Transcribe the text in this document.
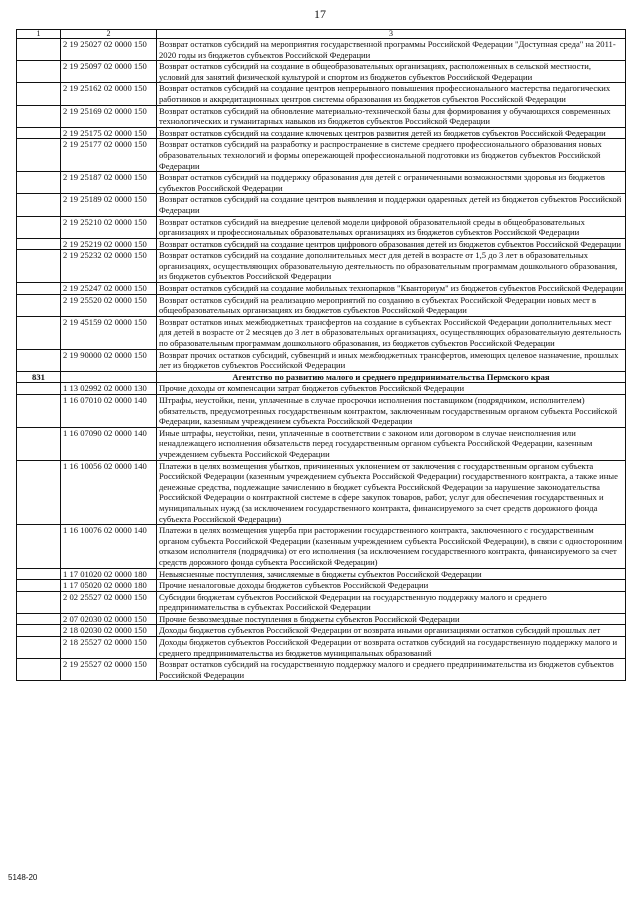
17
1	2	3
	2 19 25027 02 0000 150	Возврат остатков субсидий на мероприятия государственной программы Российской Федерации "Доступная среда" на 2011-2020 годы из бюджетов субъектов Российской Федерации
	2 19 25097 02 0000 150	Возврат остатков субсидий на создание в общеобразовательных организациях, расположенных в сельской местности, условий для занятий физической культурой и спортом из бюджетов субъектов Российской Федерации
	2 19 25162 02 0000 150	Возврат остатков субсидий на создание центров непрерывного повышения профессионального мастерства педагогических работников и аккредитационных центров системы образования из бюджетов субъектов Российской Федерации
	2 19 25169 02 0000 150	Возврат остатков субсидий на обновление материально-технической базы для формирования у обучающихся современных технологических и гуманитарных навыков из бюджетов субъектов Российской Федерации
	2 19 25175 02 0000 150	Возврат остатков субсидий на создание ключевых центров развития детей из бюджетов субъектов Российской Федерации
	2 19 25177 02 0000 150	Возврат остатков субсидий на разработку и распространение в системе среднего профессионального образования новых образовательных технологий и формы опережающей профессиональной подготовки из бюджетов субъектов Российской Федерации
	2 19 25187 02 0000 150	Возврат остатков субсидий на поддержку образования для детей с ограниченными возможностями здоровья из бюджетов субъектов Российской Федерации
	2 19 25189 02 0000 150	Возврат остатков субсидий на создание центров выявления и поддержки одаренных детей из бюджетов субъектов Российской Федерации
	2 19 25210 02 0000 150	Возврат остатков субсидий на внедрение целевой модели цифровой образовательной среды в общеобразовательных организациях и профессиональных образовательных организациях из бюджетов субъектов Российской Федерации
	2 19 25219 02 0000 150	Возврат остатков субсидий на создание центров цифрового образования детей из бюджетов субъектов Российской Федерации
	2 19 25232 02 0000 150	Возврат остатков субсидий на создание дополнительных мест для детей в возрасте от 1,5 до 3 лет в образовательных организациях, осуществляющих образовательную деятельность по образовательным программам дошкольного образования, из бюджетов субъектов Российской Федерации
	2 19 25247 02 0000 150	Возврат остатков субсидий на создание мобильных технопарков "Кванториум" из бюджетов субъектов Российской Федерации
	2 19 25520 02 0000 150	Возврат остатков субсидий на реализацию мероприятий по созданию в субъектах Российской Федерации новых мест в общеобразовательных организациях из бюджетов субъектов Российской Федерации
	2 19 45159 02 0000 150	Возврат остатков иных межбюджетных трансфертов на создание в субъектах Российской Федерации дополнительных мест для детей в возрасте от 2 месяцев до 3 лет в образовательных организациях, осуществляющих образовательную деятельность по образовательным программам дошкольного образования, из бюджетов субъектов Российской Федерации
	2 19 90000 02 0000 150	Возврат прочих остатков субсидий, субвенций и иных межбюджетных трансфертов, имеющих целевое назначение, прошлых лет из бюджетов субъектов Российской Федерации
831		Агентство по развитию малого и среднего предпринимательства Пермского края
	1 13 02992 02 0000 130	Прочие доходы от компенсации затрат бюджетов субъектов Российской Федерации
	1 16 07010 02 0000 140	Штрафы, неустойки, пени, уплаченные в случае просрочки исполнения поставщиком (подрядчиком, исполнителем) обязательств, предусмотренных государственным контрактом, заключенным государственным органом субъекта Российской Федерации, казенным учреждением субъекта Российской Федерации
	1 16 07090 02 0000 140	Иные штрафы, неустойки, пени, уплаченные в соответствии с законом или договором в случае неисполнения или ненадлежащего исполнения обязательств перед государственным органом субъекта Российской Федерации, казенным учреждением субъекта Российской Федерации
	1 16 10056 02 0000 140	Платежи в целях возмещения убытков, причиненных уклонением от заключения с государственным органом субъекта Российской Федерации (казенным учреждением субъекта Российской Федерации) государственного контракта, а также иные денежные средства, подлежащие зачислению в бюджет субъекта Российской Федерации за нарушение законодательства Российской Федерации о контрактной системе в сфере закупок товаров, работ, услуг для обеспечения государственных и муниципальных нужд (за исключением государственного контракта, финансируемого за счет средств дорожного фонда субъекта Российской Федерации)
	1 16 10076 02 0000 140	Платежи в целях возмещения ущерба при расторжении государственного контракта, заключенного с государственным органом субъекта Российской Федерации (казенным учреждением субъекта Российской Федерации), в связи с односторонним отказом исполнителя (подрядчика) от его исполнения (за исключением государственного контракта, финансируемого за счет средств дорожного фонда субъекта Российской Федерации)
	1 17 01020 02 0000 180	Невыясненные поступления, зачисляемые в бюджеты субъектов Российской Федерации
	1 17 05020 02 0000 180	Прочие неналоговые доходы бюджетов субъектов Российской Федерации
	2 02 25527 02 0000 150	Субсидии бюджетам субъектов Российской Федерации на государственную поддержку малого и среднего предпринимательства в субъектах Российской Федерации
	2 07 02030 02 0000 150	Прочие безвозмездные поступления в бюджеты субъектов Российской Федерации
	2 18 02030 02 0000 150	Доходы бюджетов субъектов Российской Федерации от возврата иными организациями остатков субсидий прошлых лет
	2 18 25527 02 0000 150	Доходы бюджетов субъектов Российской Федерации от возврата остатков субсидий на государственную поддержку малого и среднего предпринимательства из бюджетов муниципальных образований
	2 19 25527 02 0000 150	Возврат остатков субсидий на государственную поддержку малого и среднего предпринимательства из бюджетов субъектов Российской Федерации
5148-20
